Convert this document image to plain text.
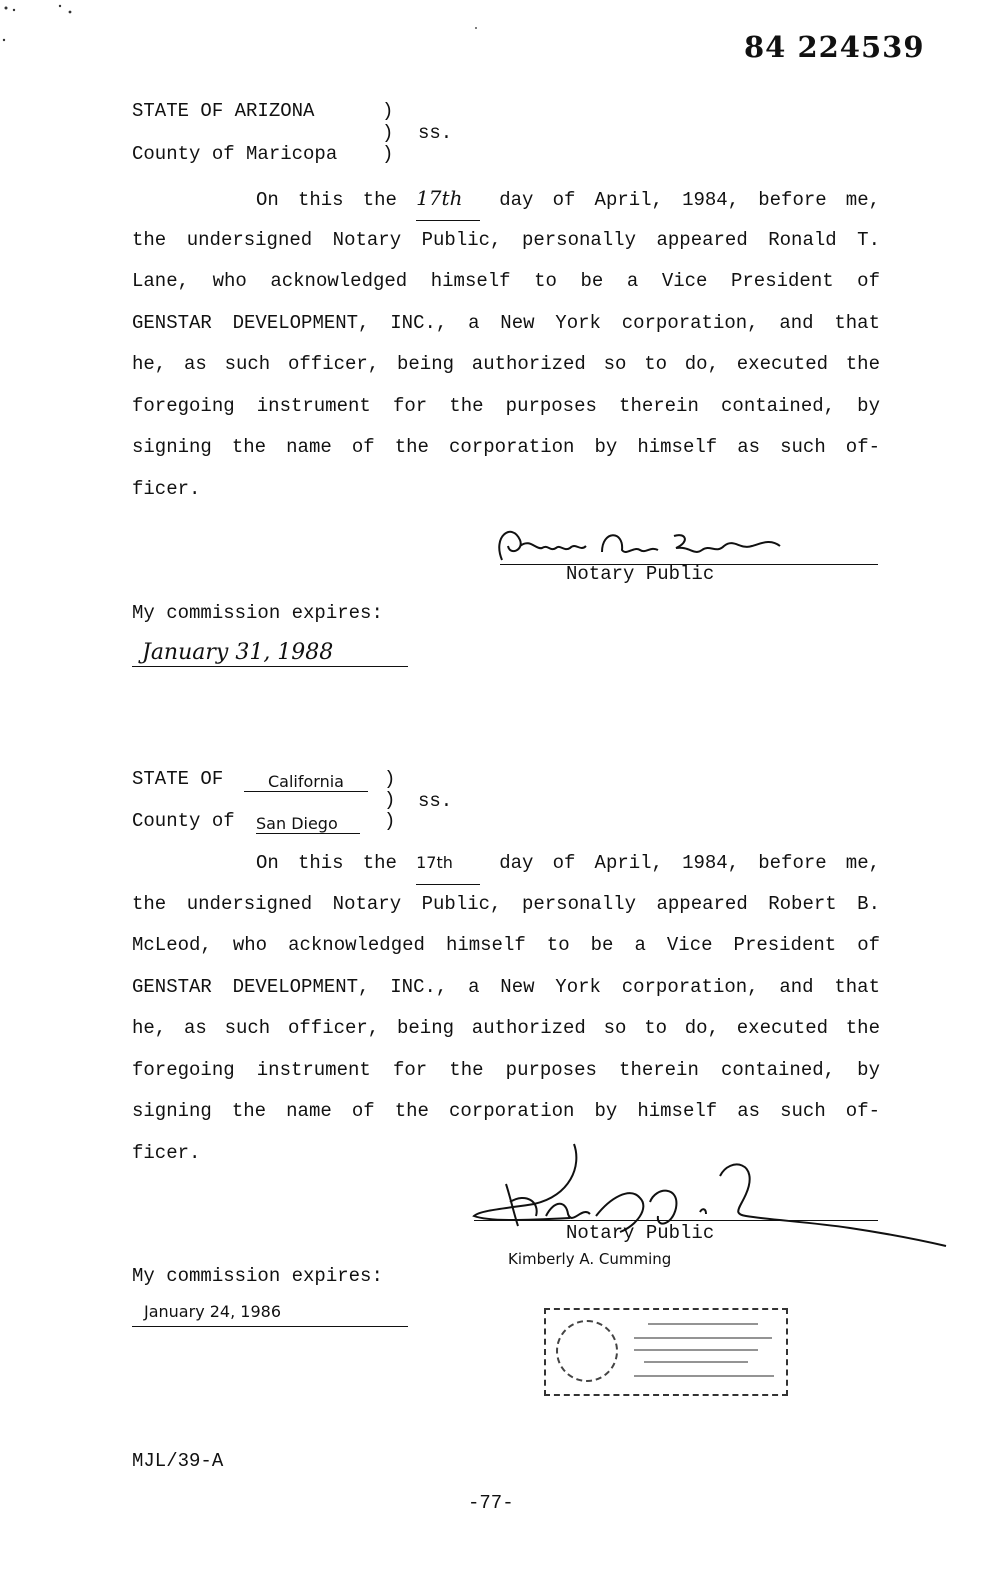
84 224539
STATE OF ARIZONA
County of Maricopa
)
)
)
ss.
On this the 17th day of April, 1984, before me,
the undersigned Notary Public, personally appeared Ronald T.
Lane, who acknowledged himself to be a Vice President of
GENSTAR DEVELOPMENT, INC., a New York corporation, and that
he, as such officer, being authorized so to do, executed the
foregoing instrument for the purposes therein contained, by
signing the name of the corporation by himself as such of-
ficer.
Notary Public
My commission expires:
January 31, 1988
STATE OF	California
County of San Diego
)
)
)
ss.
On this the 17th day of April, 1984, before me,
the undersigned Notary Public, personally appeared Robert B.
McLeod, who acknowledged himself to be a Vice President of
GENSTAR DEVELOPMENT, INC., a New York corporation, and that
he, as such officer, being authorized so to do, executed the
foregoing instrument for the purposes therein contained, by
signing the name of the corporation by himself as such of-
ficer.
Notary Public
Kimberly A. Cumming
My commission expires:
January 24, 1986
MJL/39-A
-77-
